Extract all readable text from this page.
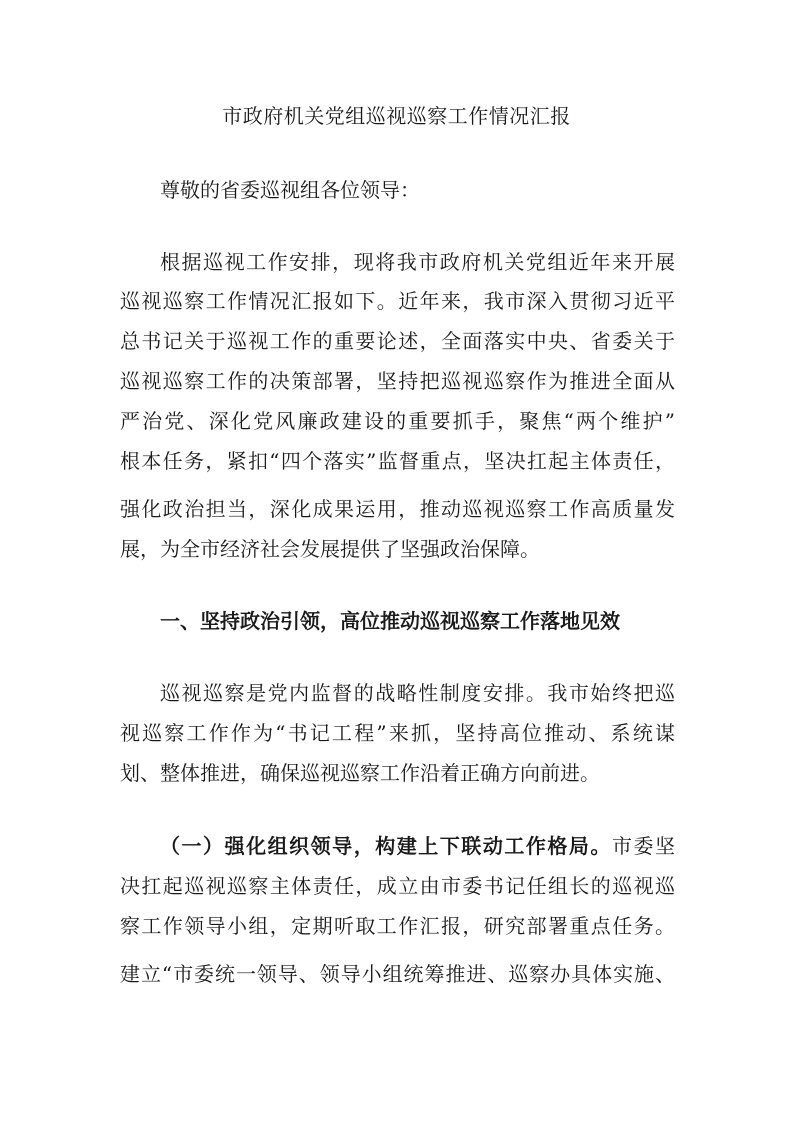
市政府机关党组巡视巡察工作情况汇报
尊敬的省委巡视组各位领导：
根据巡视工作安排，现将我市政府机关党组近年来开展
巡视巡察工作情况汇报如下。近年来，我市深入贯彻习近平
总书记关于巡视工作的重要论述，全面落实中央、省委关于
巡视巡察工作的决策部署，坚持把巡视巡察作为推进全面从
严治党、深化党风廉政建设的重要抓手，聚焦“两个维护”
根本任务，紧扣“四个落实”监督重点，坚决扛起主体责任，
强化政治担当，深化成果运用，推动巡视巡察工作高质量发
展，为全市经济社会发展提供了坚强政治保障。
一、坚持政治引领，高位推动巡视巡察工作落地见效
巡视巡察是党内监督的战略性制度安排。我市始终把巡
视巡察工作作为“书记工程”来抓，坚持高位推动、系统谋
划、整体推进，确保巡视巡察工作沿着正确方向前进。
（一）强化组织领导，构建上下联动工作格局。市委坚
决扛起巡视巡察主体责任，成立由市委书记任组长的巡视巡
察工作领导小组，定期听取工作汇报，研究部署重点任务。
建立“市委统一领导、领导小组统筹推进、巡察办具体实施、
